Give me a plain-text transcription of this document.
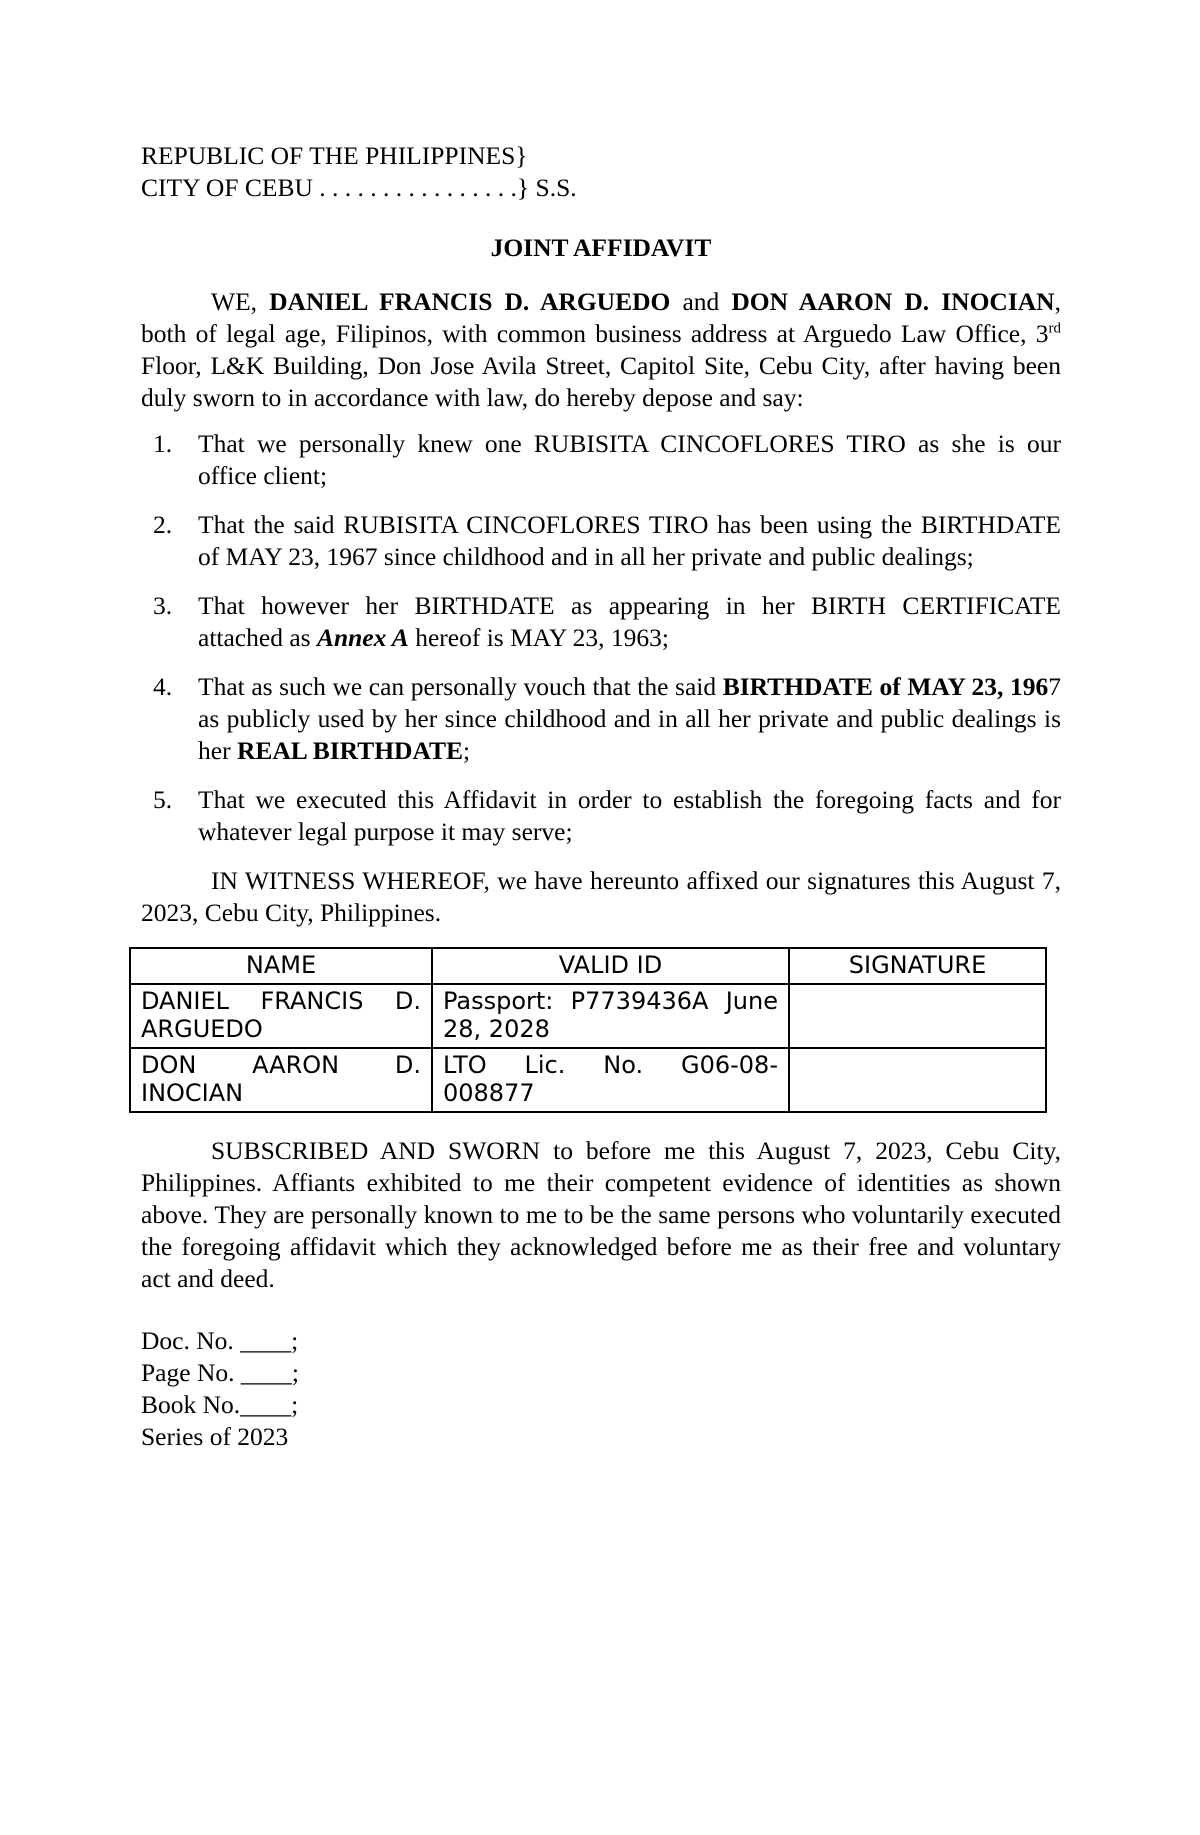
REPUBLIC OF THE PHILIPPINES}
CITY OF CEBU . . . . . . . . . . . . . . . .} S.S.
JOINT AFFIDAVIT

WE, DANIEL FRANCIS D. ARGUEDO and DON AARON D. INOCIAN, both of legal age, Filipinos, with common business address at Arguedo Law Office, 3rd Floor, L&K Building, Don Jose Avila Street, Capitol Site, Cebu City, after having been duly sworn to in accordance with law, do hereby depose and say:

1. That we personally knew one RUBISITA CINCOFLORES TIRO as she is our office client;
2. That the said RUBISITA CINCOFLORES TIRO has been using the BIRTHDATE of MAY 23, 1967 since childhood and in all her private and public dealings;
3. That however her BIRTHDATE as appearing in her BIRTH CERTIFICATE attached as Annex A hereof is MAY 23, 1963;
4. That as such we can personally vouch that the said BIRTHDATE of MAY 23, 1967 as publicly used by her since childhood and in all her private and public dealings is her REAL BIRTHDATE;
5. That we executed this Affidavit in order to establish the foregoing facts and for whatever legal purpose it may serve;

IN WITNESS WHEREOF, we have hereunto affixed our signatures this August 7, 2023, Cebu City, Philippines.

NAME	VALID ID	SIGNATURE
DANIEL FRANCIS D. ARGUEDO	Passport: P7739436A June 28, 2028	
DON AARON D. INOCIAN	LTO Lic. No. G06-08-008877	

SUBSCRIBED AND SWORN to before me this August 7, 2023, Cebu City, Philippines. Affiants exhibited to me their competent evidence of identities as shown above. They are personally known to me to be the same persons who voluntarily executed the foregoing affidavit which they acknowledged before me as their free and voluntary act and deed.

Doc. No. ____;
Page No. ____;
Book No.____;
Series of 2023
